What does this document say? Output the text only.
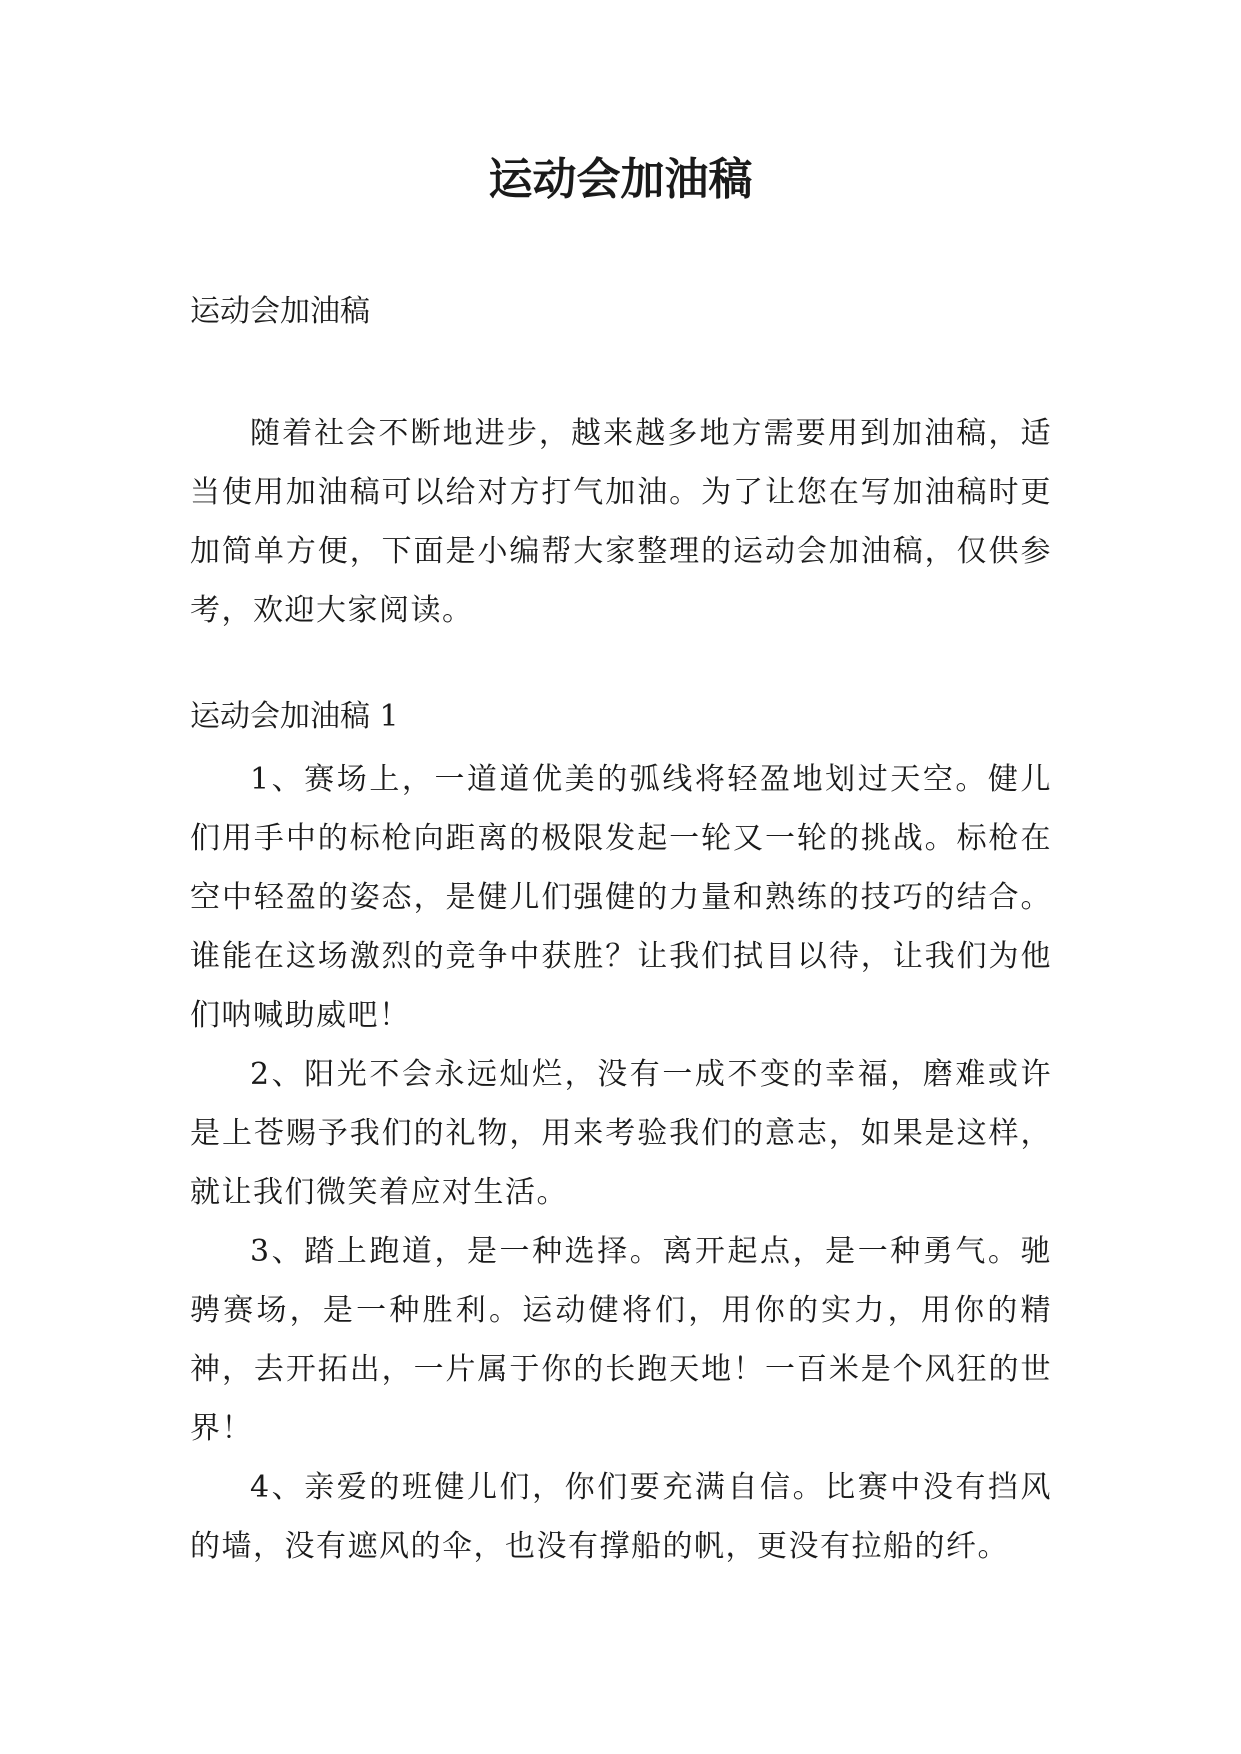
运动会加油稿

运动会加油稿

随着社会不断地进步，越来越多地方需要用到加油稿，适当使用加油稿可以给对方打气加油。为了让您在写加油稿时更加简单方便，下面是小编帮大家整理的运动会加油稿，仅供参考，欢迎大家阅读。

运动会加油稿 1

1、赛场上，一道道优美的弧线将轻盈地划过天空。健儿们用手中的标枪向距离的极限发起一轮又一轮的挑战。标枪在空中轻盈的姿态，是健儿们强健的力量和熟练的技巧的结合。谁能在这场激烈的竞争中获胜？让我们拭目以待，让我们为他们呐喊助威吧！

2、阳光不会永远灿烂，没有一成不变的幸福，磨难或许是上苍赐予我们的礼物，用来考验我们的意志，如果是这样，就让我们微笑着应对生活。

3、踏上跑道，是一种选择。离开起点，是一种勇气。驰骋赛场，是一种胜利。运动健将们，用你的实力，用你的精神，去开拓出，一片属于你的长跑天地！一百米是个风狂的世界！

4、亲爱的班健儿们，你们要充满自信。比赛中没有挡风的墙，没有遮风的伞，也没有撑船的帆，更没有拉船的纤。
